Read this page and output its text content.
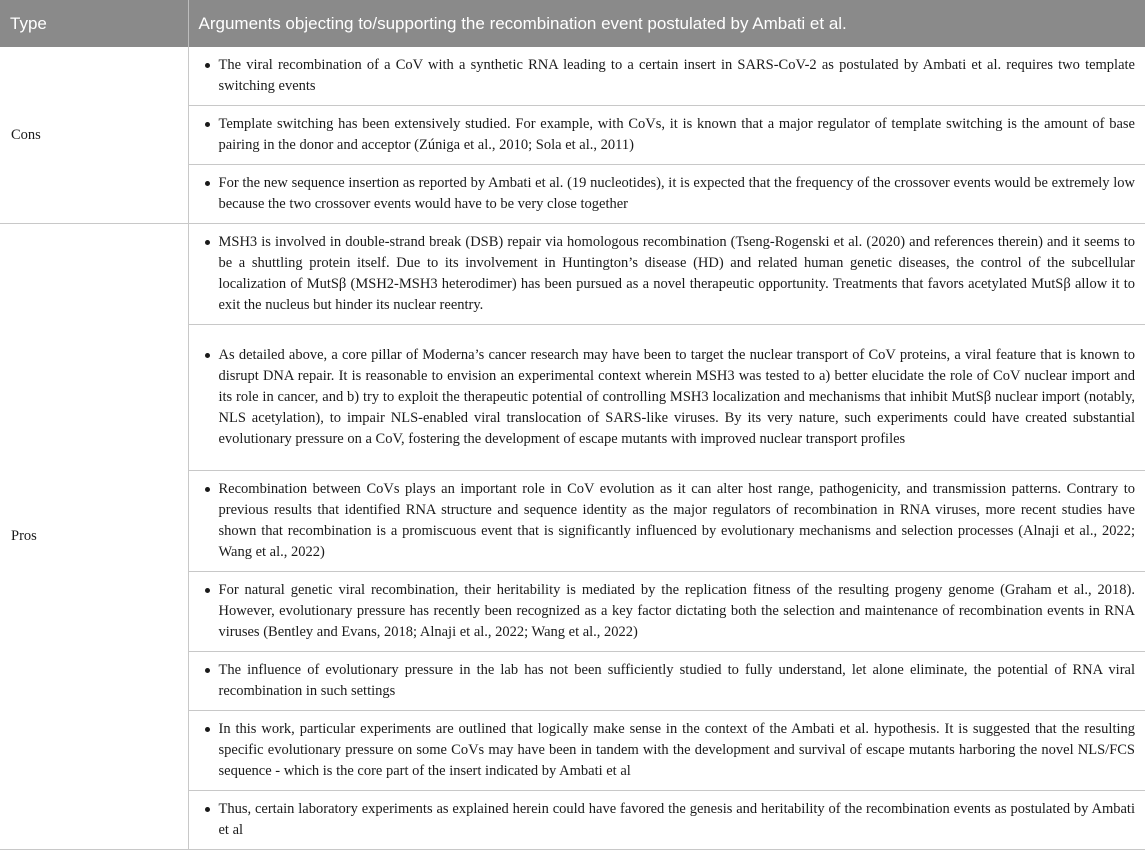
Type	Arguments objecting to/supporting the recombination event postulated by Ambati et al.
Cons	The viral recombination of a CoV with a synthetic RNA leading to a certain insert in SARS-CoV-2 as postulated by Ambati et al. requires two template switching events

	Template switching has been extensively studied. For example, with CoVs, it is known that a major regulator of template switching is the amount of base pairing in the donor and acceptor (Zúniga et al., 2010; Sola et al., 2011)

	For the new sequence insertion as reported by Ambati et al. (19 nucleotides), it is expected that the frequency of the crossover events would be extremely low because the two crossover events would have to be very close together

Pros	MSH3 is involved in double-strand break (DSB) repair via homologous recombination (Tseng-Rogenski et al. (2020) and references therein) and it seems to be a shuttling protein itself. Due to its involvement in Huntington’s disease (HD) and related human genetic diseases, the control of the subcellular localization of MutSβ (MSH2-MSH3 heterodimer) has been pursued as a novel therapeutic opportunity. Treatments that favors acetylated MutSβ allow it to exit the nucleus but hinder its nuclear reentry.

	As detailed above, a core pillar of Moderna’s cancer research may have been to target the nuclear transport of CoV proteins, a viral feature that is known to disrupt DNA repair. It is reasonable to envision an experimental context wherein MSH3 was tested to a) better elucidate the role of CoV nuclear import and its role in cancer, and b) try to exploit the therapeutic potential of controlling MSH3 localization and mechanisms that inhibit MutSβ nuclear import (notably, NLS acetylation), to impair NLS-enabled viral translocation of SARS-like viruses. By its very nature, such experiments could have created substantial evolutionary pressure on a CoV, fostering the development of escape mutants with improved nuclear transport profiles

	Recombination between CoVs plays an important role in CoV evolution as it can alter host range, pathogenicity, and transmission patterns. Contrary to previous results that identified RNA structure and sequence identity as the major regulators of recombination in RNA viruses, more recent studies have shown that recombination is a promiscuous event that is significantly influenced by evolutionary mechanisms and selection processes (Alnaji et al., 2022; Wang et al., 2022)

	For natural genetic viral recombination, their heritability is mediated by the replication fitness of the resulting progeny genome (Graham et al., 2018). However, evolutionary pressure has recently been recognized as a key factor dictating both the selection and maintenance of recombination events in RNA viruses (Bentley and Evans, 2018; Alnaji et al., 2022; Wang et al., 2022)

	The influence of evolutionary pressure in the lab has not been sufficiently studied to fully understand, let alone eliminate, the potential of RNA viral recombination in such settings

	In this work, particular experiments are outlined that logically make sense in the context of the Ambati et al. hypothesis. It is suggested that the resulting specific evolutionary pressure on some CoVs may have been in tandem with the development and survival of escape mutants harboring the novel NLS/FCS sequence - which is the core part of the insert indicated by Ambati et al

	Thus, certain laboratory experiments as explained herein could have favored the genesis and heritability of the recombination events as postulated by Ambati et al
